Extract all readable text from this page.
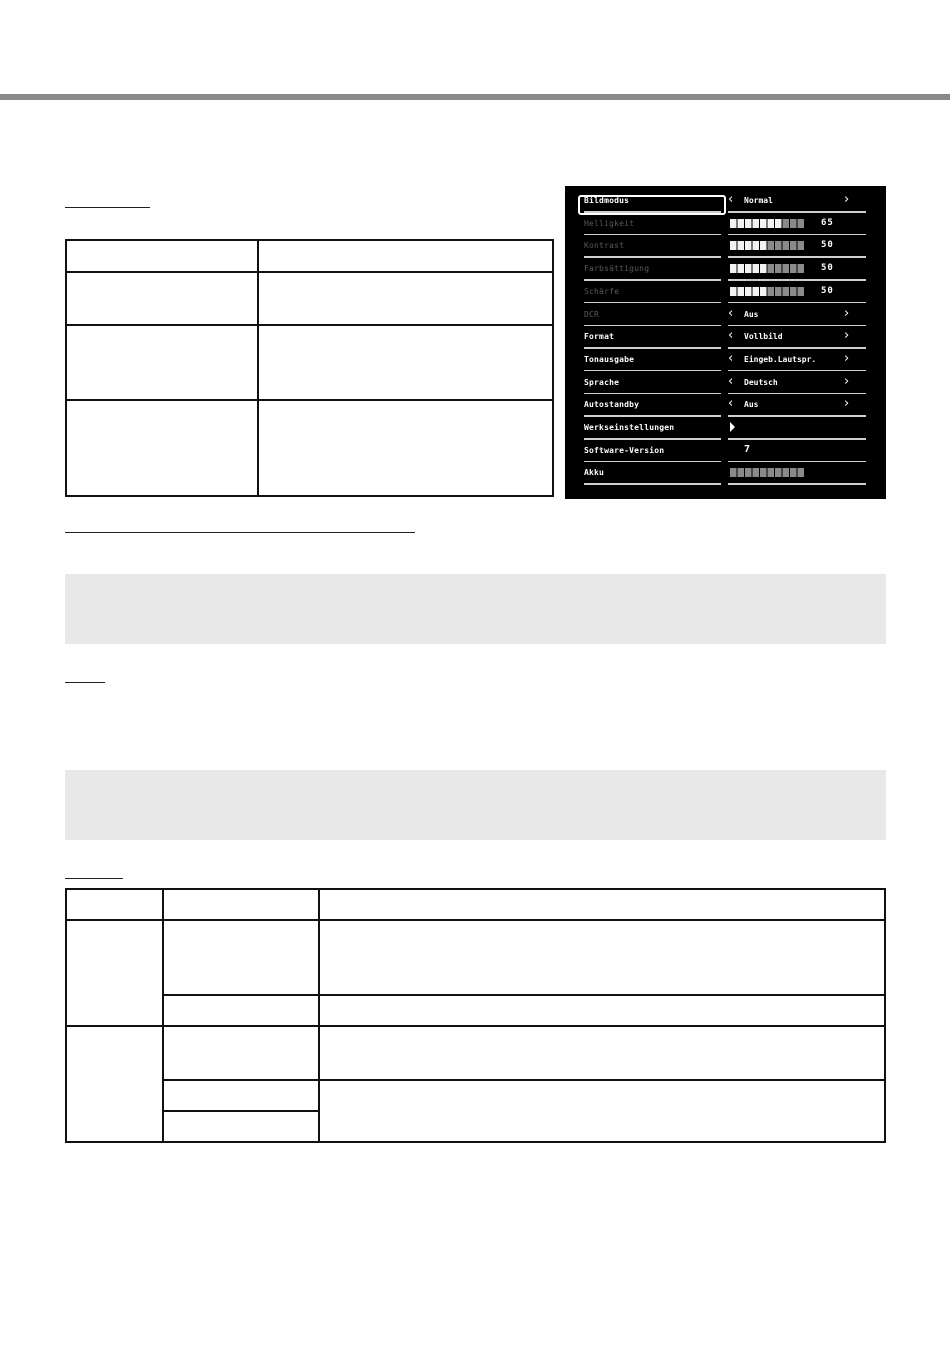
Bildmodus	‹ Normal	›
Helligkeit	65
Kontrast	50
Farbsättigung	50
Schärfe	50
DCR	‹ Aus	›
Format	‹ Vollbild	›
Tonausgabe	‹ Eingeb.Lautspr. ›
Sprache	‹ Deutsch	›
Autostandby	‹ Aus	›
Werkseinstellungen
Software-Version	7
Akku
